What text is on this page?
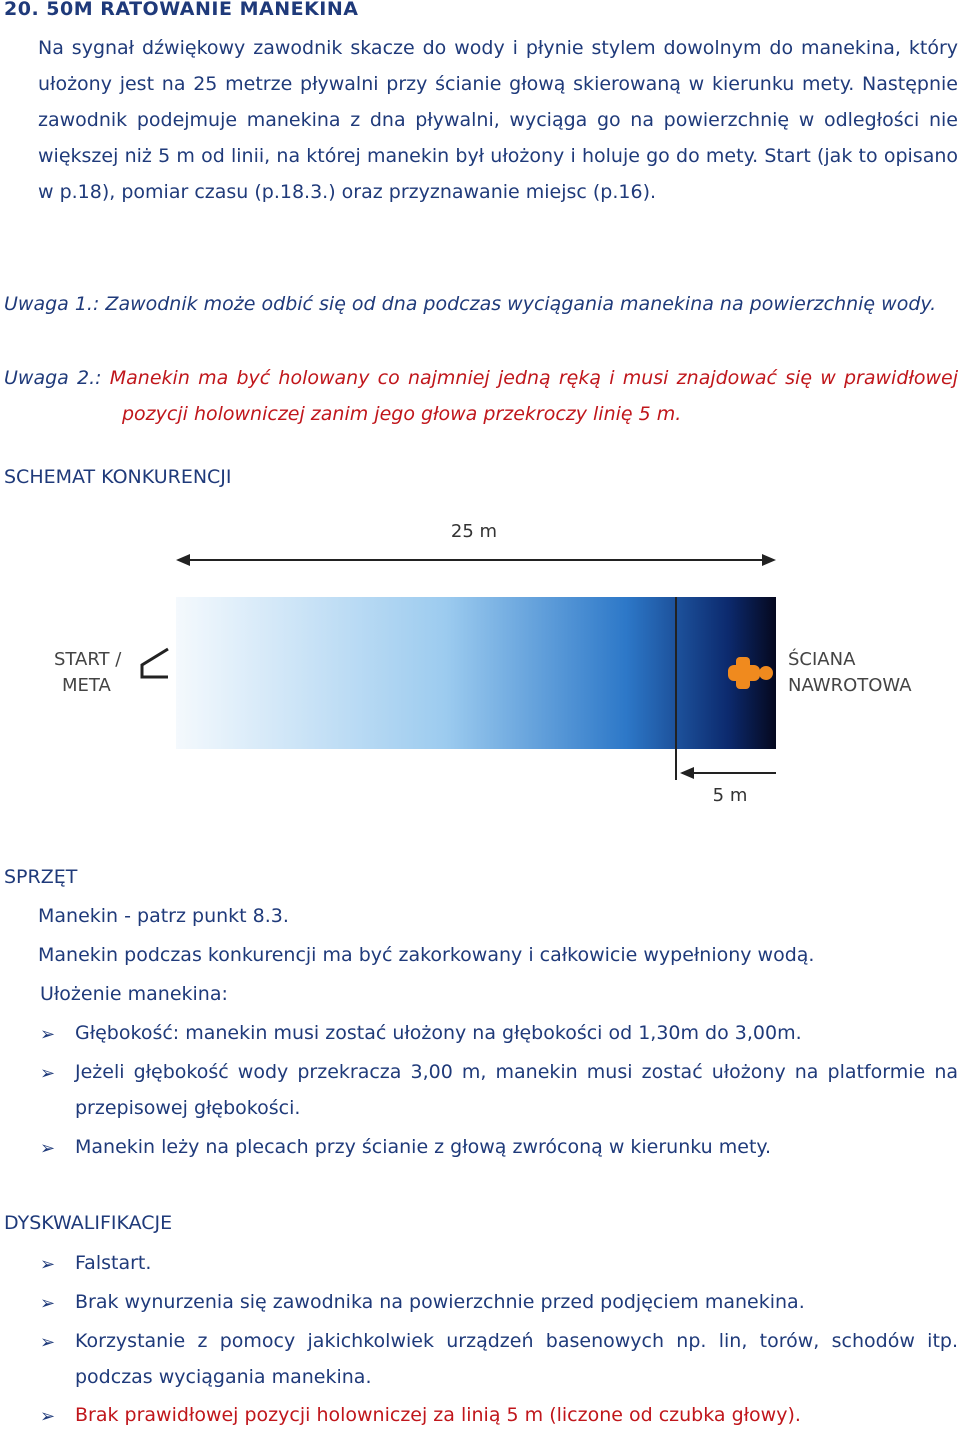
20. 50M RATOWANIE MANEKINA
Na sygnał dźwiękowy zawodnik skacze do wody i płynie stylem dowolnym do manekina, który ułożony jest na 25 metrze pływalni przy ścianie głową skierowaną w kierunku mety. Następnie zawodnik podejmuje manekina z dna pływalni, wyciąga go na powierzchnię w odległości nie większej niż 5 m od linii, na której manekin był ułożony i holuje go do mety. Start (jak to opisano w p.18), pomiar czasu (p.18.3.) oraz przyznawanie miejsc (p.16).
Uwaga 1.: Zawodnik może odbić się od dna podczas wyciągania manekina na powierzchnię wody.
Uwaga 2.: Manekin ma być holowany co najmniej jedną ręką i musi znajdować się w prawidłowej pozycji holowniczej zanim jego głowa przekroczy linię 5 m.
SCHEMAT KONKURENCJI
25 m
5 m
START /
META
ŚCIANA
NAWROTOWA
SPRZĘT
Manekin - patrz punkt 8.3.
Manekin podczas konkurencji ma być zakorkowany i całkowicie wypełniony wodą.
Ułożenie manekina:
➢ Głębokość: manekin musi zostać ułożony na głębokości od 1,30m do 3,00m.
➢ Jeżeli głębokość wody przekracza 3,00 m, manekin musi zostać ułożony na platformie na przepisowej głębokości.
➢ Manekin leży na plecach przy ścianie z głową zwróconą w kierunku mety.
DYSKWALIFIKACJE
➢ Falstart.
➢ Brak wynurzenia się zawodnika na powierzchnie przed podjęciem manekina.
➢ Korzystanie z pomocy jakichkolwiek urządzeń basenowych np. lin, torów, schodów itp. podczas wyciągania manekina.
➢ Brak prawidłowej pozycji holowniczej za linią 5 m (liczone od czubka głowy).
